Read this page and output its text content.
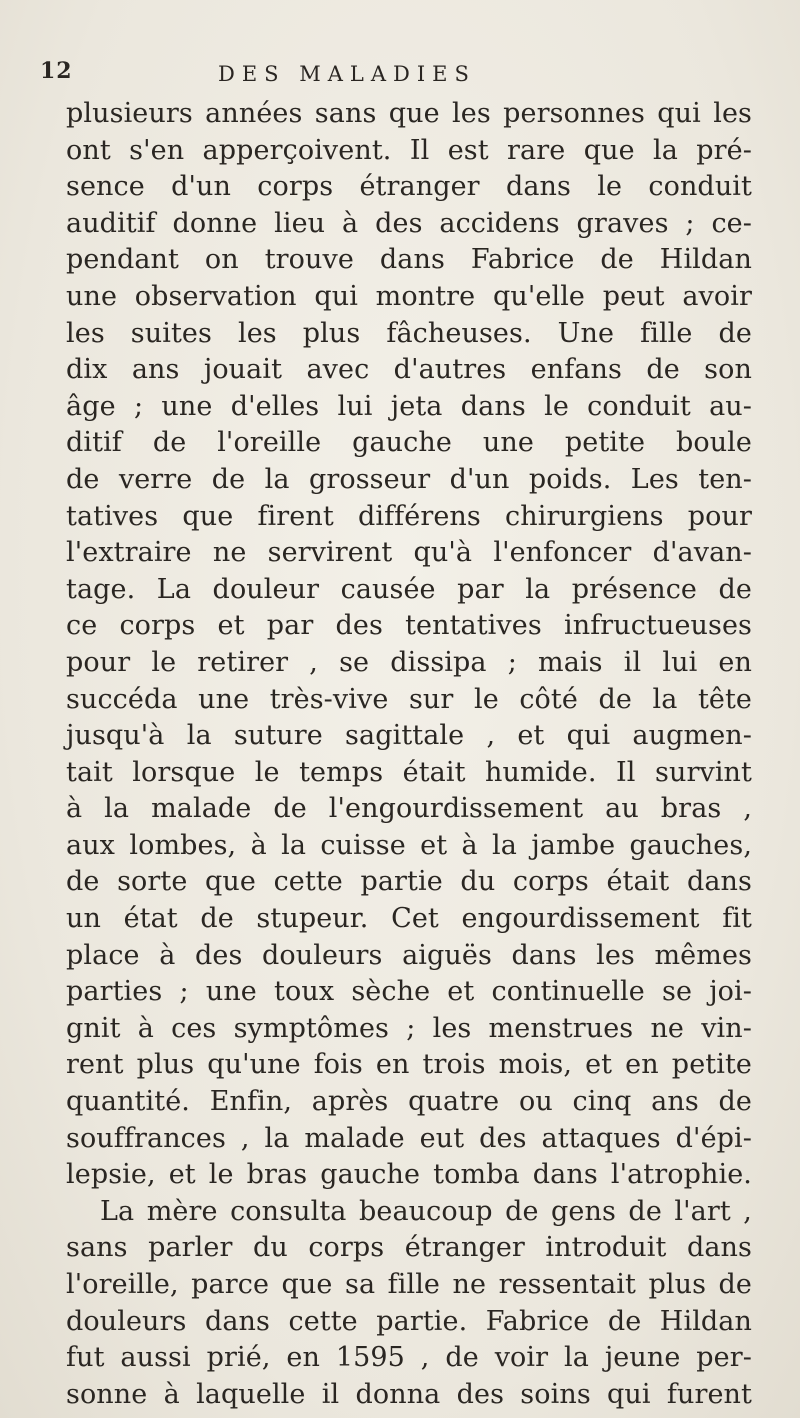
12	DES MALADIES
plusieurs années sans que les personnes qui les
ont s'en apperçoivent. Il est rare que la pré-
sence d'un corps étranger dans le conduit
auditif donne lieu à des accidens graves ; ce-
pendant on trouve dans Fabrice de Hildan
une observation qui montre qu'elle peut avoir
les suites les plus fâcheuses. Une fille de
dix ans jouait avec d'autres enfans de son
âge ; une d'elles lui jeta dans le conduit au-
ditif de l'oreille gauche une petite boule
de verre de la grosseur d'un poids. Les ten-
tatives que firent différens chirurgiens pour
l'extraire ne servirent qu'à l'enfoncer d'avan-
tage. La douleur causée par la présence de
ce corps et par des tentatives infructueuses
pour le retirer , se dissipa ; mais il lui en
succéda une très-vive sur le côté de la tête
jusqu'à la suture sagittale , et qui augmen-
tait lorsque le temps était humide. Il survint
à la malade de l'engourdissement au bras ,
aux lombes, à la cuisse et à la jambe gauches,
de sorte que cette partie du corps était dans
un état de stupeur. Cet engourdissement fit
place à des douleurs aiguës dans les mêmes
parties ; une toux sèche et continuelle se joi-
gnit à ces symptômes ; les menstrues ne vin-
rent plus qu'une fois en trois mois, et en petite
quantité. Enfin, après quatre ou cinq ans de
souffrances , la malade eut des attaques d'épi-
lepsie, et le bras gauche tomba dans l'atrophie.
La mère consulta beaucoup de gens de l'art ,
sans parler du corps étranger introduit dans
l'oreille, parce que sa fille ne ressentait plus de
douleurs dans cette partie. Fabrice de Hildan
fut aussi prié, en 1595 , de voir la jeune per-
sonne à laquelle il donna des soins qui furent
